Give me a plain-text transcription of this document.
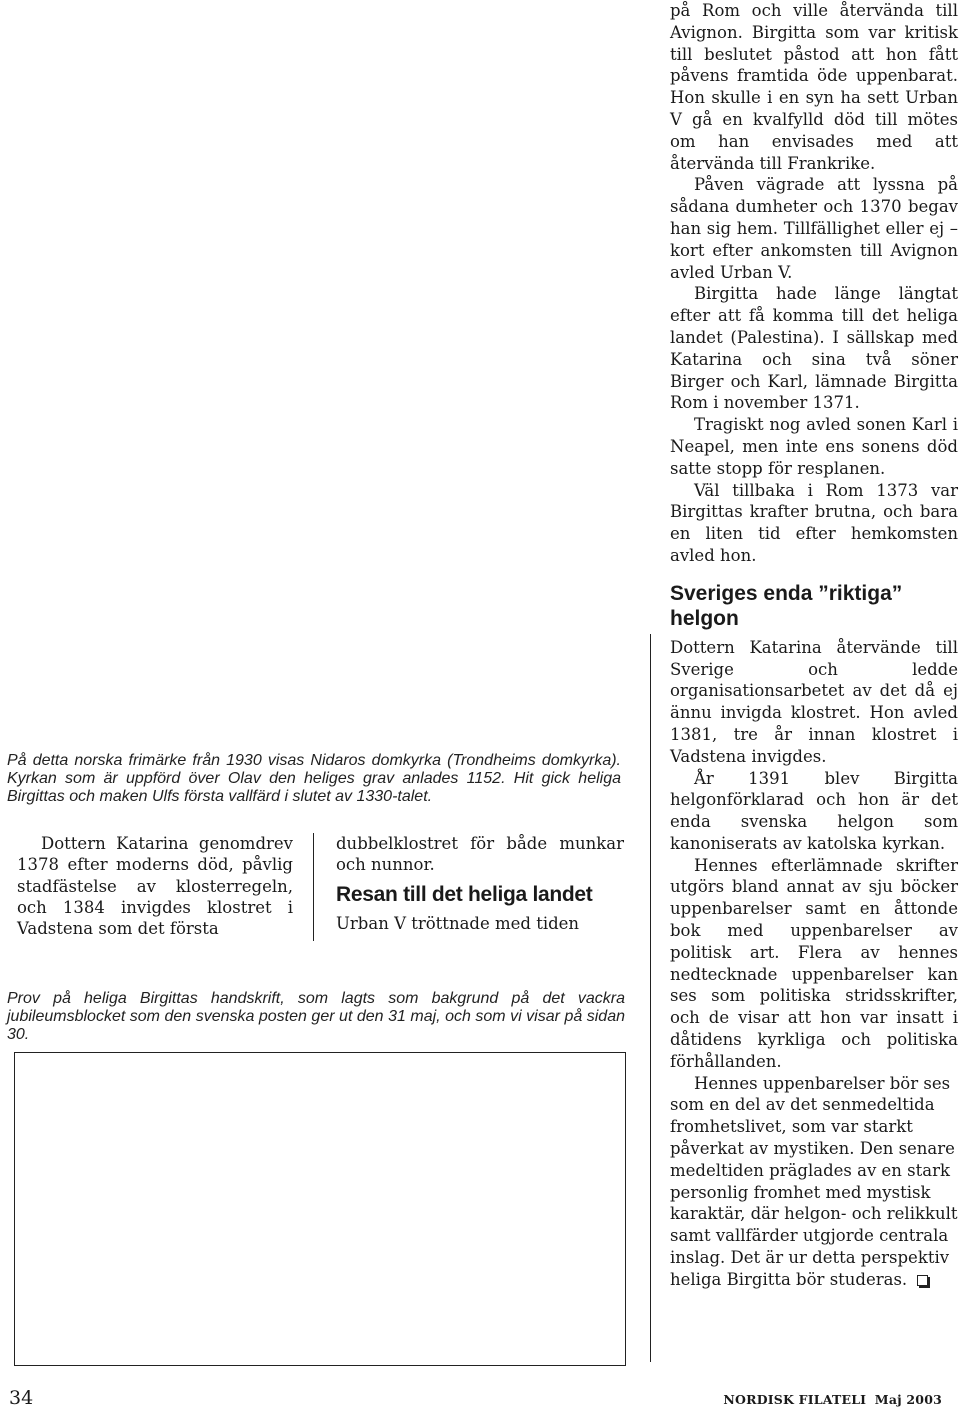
På detta norska frimärke från 1930 visas Nidaros domkyrka (Trondheims domkyrka). Kyrkan som är uppförd över Olav den heliges grav anlades 1152. Hit gick heliga Birgittas och maken Ulfs första vallfärd i slutet av 1330-talet.

Dottern Katarina genomdrev 1378 efter moderns död, påvlig stadfästelse av klosterregeln, och 1384 invigdes klostret i Vadstena som det första

dubbelklostret för både munkar och nunnor.

Resan till det heliga landet

Urban V tröttnade med tiden

Prov på heliga Birgittas handskrift, som lagts som bakgrund på det vackra jubileumsblocket som den svenska posten ger ut den 31 maj, och som vi visar på sidan 30.

på Rom och ville återvända till Avignon. Birgitta som var kritisk till beslutet påstod att hon fått påvens framtida öde uppenbarat. Hon skulle i en syn ha sett Urban V gå en kvalfylld död till mötes om han envisades med att återvända till Frankrike.

Påven vägrade att lyssna på sådana dumheter och 1370 begav han sig hem. Tillfällighet eller ej – kort efter ankomsten till Avignon avled Urban V.

Birgitta hade länge längtat efter att få komma till det heliga landet (Palestina). I sällskap med Katarina och sina två söner Birger och Karl, lämnade Birgitta Rom i november 1371.

Tragiskt nog avled sonen Karl i Neapel, men inte ens sonens död satte stopp för resplanen.

Väl tillbaka i Rom 1373 var Birgittas krafter brutna, och bara en liten tid efter hemkomsten avled hon.

Sveriges enda ”riktiga” helgon

Dottern Katarina återvände till Sverige och ledde organisationsarbetet av det då ej ännu invigda klostret. Hon avled 1381, tre år innan klostret i Vadstena invigdes.

År 1391 blev Birgitta helgonförklarad och hon är det enda svenska helgon som kanoniserats av katolska kyrkan.

Hennes efterlämnade skrifter utgörs bland annat av sju böcker uppenbarelser samt en åttonde bok med uppenbarelser av politisk art. Flera av hennes nedtecknade uppenbarelser kan ses som politiska stridsskrifter, och de visar att hon var insatt i dåtidens kyrkliga och politiska förhållanden.

Hennes uppenbarelser bör ses som en del av det senmedeltida fromhetslivet, som var starkt påverkat av mystiken. Den senare medeltiden präglades av en stark personlig fromhet med mystisk karaktär, där helgon- och relikkult samt vallfärder utgjorde centrala inslag. Det är ur detta perspektiv heliga Birgitta bör studeras.

34	NORDISK FILATELI Maj 2003
